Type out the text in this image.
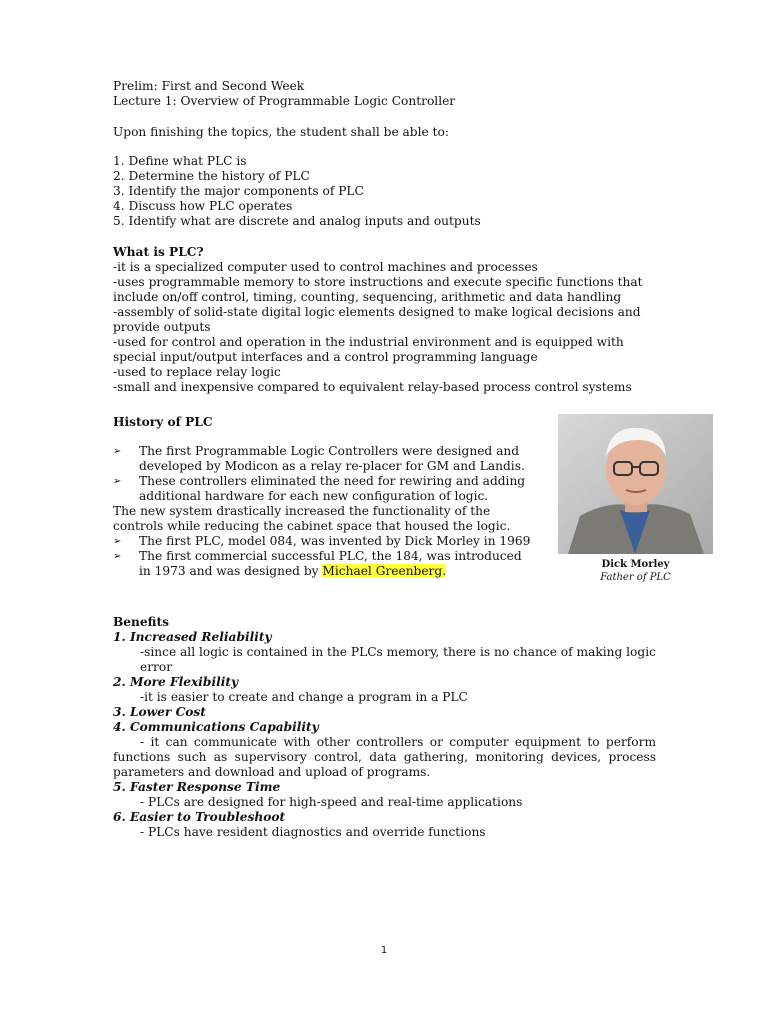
Prelim: First and Second Week
Lecture 1: Overview of Programmable Logic Controller
Upon finishing the topics, the student shall be able to:
1. Define what PLC is
2. Determine the history of PLC
3. Identify the major components of PLC
4. Discuss how PLC operates
5. Identify what are discrete and analog inputs and outputs
What is PLC?
-it is a specialized computer used to control machines and processes
-uses programmable memory to store instructions and execute specific functions that include on/off control, timing, counting, sequencing, arithmetic and data handling
-assembly of solid-state digital logic elements designed to make logical decisions and provide outputs
-used for control and operation in the industrial environment and is equipped with special input/output interfaces and a control programming language
-used to replace relay logic
-small and inexpensive compared to equivalent relay-based process control systems
History of PLC
➢ The first Programmable Logic Controllers were designed and developed by Modicon as a relay re-placer for GM and Landis.
➢ These controllers eliminated the need for rewiring and adding additional hardware for each new configuration of logic.
The new system drastically increased the functionality of the controls while reducing the cabinet space that housed the logic.
➢ The first PLC, model 084, was invented by Dick Morley in 1969
➢ The first commercial successful PLC, the 184, was introduced in 1973 and was designed by Michael Greenberg.
Benefits
1. Increased Reliability
-since all logic is contained in the PLCs memory, there is no chance of making logic error
2. More Flexibility
-it is easier to create and change a program in a PLC
3. Lower Cost
4. Communications Capability
- it can communicate with other controllers or computer equipment to perform functions such as supervisory control, data gathering, monitoring devices, process parameters and download and upload of programs.
5. Faster Response Time
- PLCs are designed for high-speed and real-time applications
6. Easier to Troubleshoot
- PLCs have resident diagnostics and override functions
Dick Morley
Father of PLC
1
